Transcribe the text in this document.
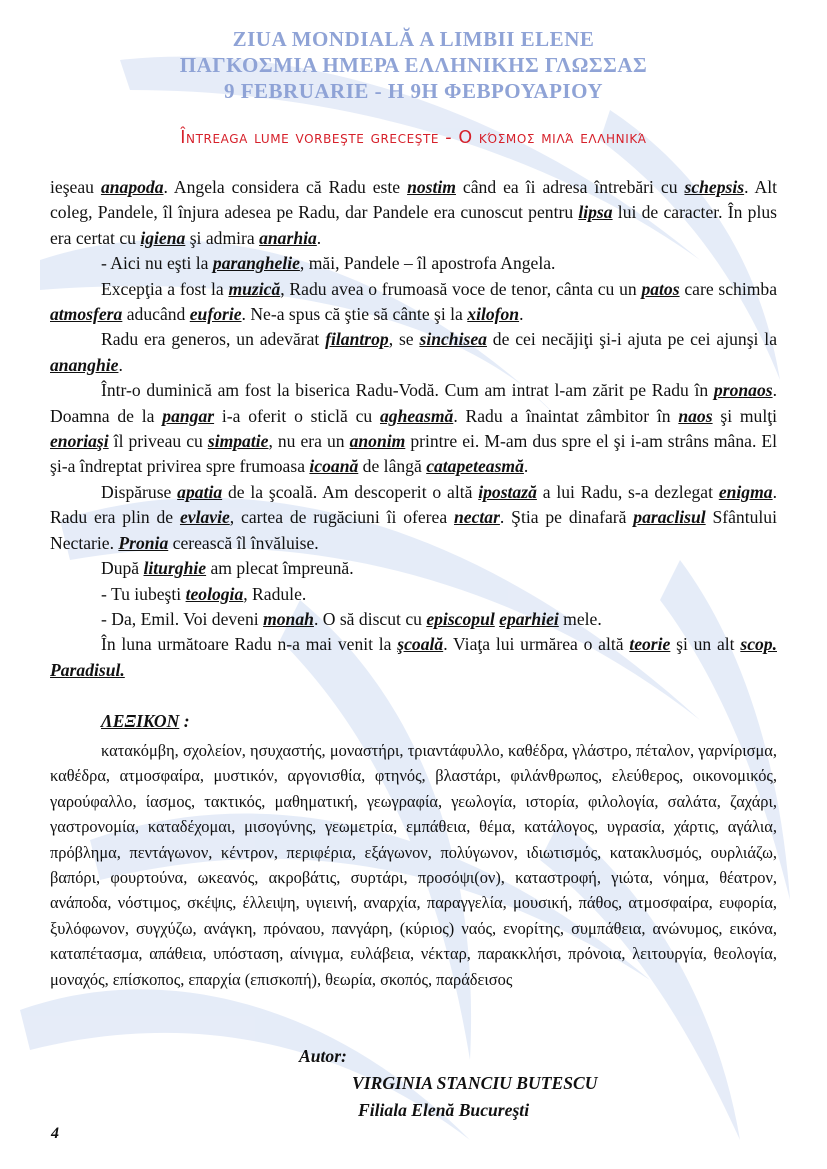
ZIUA MONDIALĂ A LIMBII ELENE
ΠΑΓΚΟΣΜΙΑ ΗΜΕΡΑ ΕΛΛΗΝΙΚΗΣ ΓΛΩΣΣΑΣ
9 FEBRUARIE - Η 9Η ΦΕΒΡΟΥΑΡΙΟΥ
Întreaga lume vorbeşte greceşte - Ο κόσμος μιλά ελληνικά

ieşeau anapoda. Angela considera că Radu este nostim când ea îi adresa întrebări cu schepsis. Alt coleg, Pandele, îl înjura adesea pe Radu, dar Pandele era cunoscut pentru lipsa lui de caracter. În plus era certat cu igiena şi admira anarhia.

- Aici nu eşti la paranghelie, măi, Pandele – îl apostrofa Angela.

Excepţia a fost la muzică, Radu avea o frumoasă voce de tenor, cânta cu un patos care schimba atmosfera aducând euforie. Ne-a spus că ştie să cânte şi la xilofon.

Radu era generos, un adevărat filantrop, se sinchisea de cei necăjiţi şi-i ajuta pe cei ajunşi la ananghie.

Într-o duminică am fost la biserica Radu-Vodă. Cum am intrat l-am zărit pe Radu în pronaos. Doamna de la pangar i-a oferit o sticlă cu agheasmă. Radu a înaintat zâmbitor în naos şi mulţi enoriaşi îl priveau cu simpatie, nu era un anonim printre ei. M-am dus spre el şi i-am strâns mâna. El şi-a îndreptat privirea spre frumoasa icoană de lângă catapeteasmă.

Dispăruse apatia de la şcoală. Am descoperit o altă ipostază a lui Radu, s-a dezlegat enigma. Radu era plin de evlavie, cartea de rugăciuni îi oferea nectar. Ştia pe dinafară paraclisul Sfântului Nectarie. Pronia cerească îl învăluise.

După liturghie am plecat împreună.

- Tu iubeşti teologia, Radule.

- Da, Emil. Voi deveni monah. O să discut cu episcopul eparhiei mele.

În luna următoare Radu n-a mai venit la şcoală. Viaţa lui urmărea o altă teorie şi un alt scop. Paradisul.

ΛΕΞΙΚΟΝ :
κατακόμβη, σχολείον, ησυχαστής, μοναστήρι, τριαντάφυλλο, καθέδρα, γλάστρο, πέταλον, γαρνίρισμα, καθέδρα, ατμοσφαίρα, μυστικόν, αργονισθία, φτηνός, βλαστάρι, φιλάνθρωπος, ελεύθερος, οικονομικός, γαρούφαλλο, ίασμος, τακτικός, μαθηματική, γεωγραφία, γεωλογία, ιστορία, φιλολογία, σαλάτα, ζαχάρι, γαστρονομία, καταδέχομαι, μισογύνης, γεωμετρία, εμπάθεια, θέμα, κατάλογος, υγρασία, χάρτις, αγάλια, πρόβλημα, πεντάγωνον, κέντρον, περιφέρια, εξάγωνον, πολύγωνον, ιδιωτισμός, κατακλυσμός, ουρλιάζω, βαπόρι, φουρτούνα, ωκεανός, ακροβάτις, συρτάρι, προσόψι(ον), καταστροφή, γιώτα, νόημα, θέατρον, ανάποδα, νόστιμος, σκέψις, έλλειψη, υγιεινή, αναρχία, παραγγελία, μουσική, πάθος, ατμοσφαίρα, ευφορία, ξυλόφωνον, συγχύζω, ανάγκη, πρόναου, πανγάρη, (κύριος) ναός, ενορίτης, συμπάθεια, ανώνυμος, εικόνα, καταπέτασμα, απάθεια, υπόσταση, αίνιγμα, ευλάβεια, νέκταρ, παρακκλήσι, πρόνοια, λειτουργία, θεολογία, μοναχός, επίσκοπος, επαρχία (επισκοπή), θεωρία, σκοπός, παράδεισος
Autor:
VIRGINIA STANCIU BUTESCU
Filiala Elenă Bucureşti
4
